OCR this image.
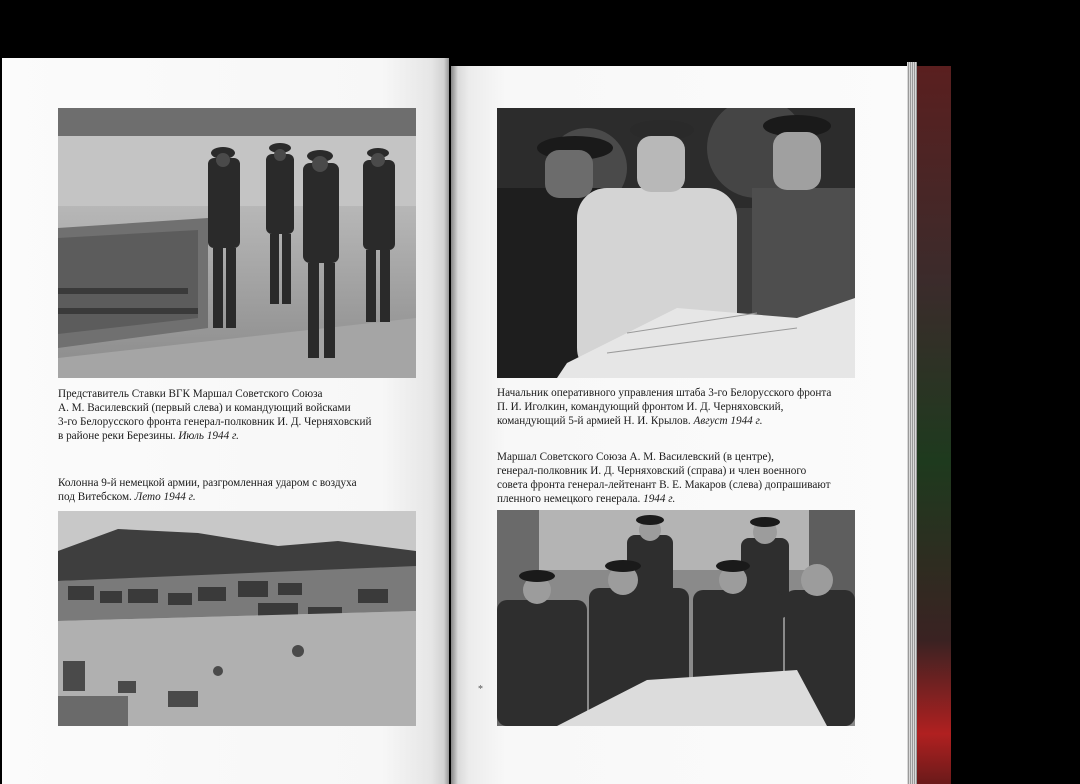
Представитель Ставки ВГК Маршал Советского Союза
А. М. Василевский (первый слева) и командующий войсками
3-го Белорусского фронта генерал-полковник И. Д. Черняховский
в районе реки Березины. Июль 1944 г.
Колонна 9-й немецкой армии, разгромленная ударом с воздуха
под Витебском. Лето 1944 г.
Начальник оперативного управления штаба 3-го Белорусского фронта
П. И. Иголкин, командующий фронтом И. Д. Черняховский,
командующий 5-й армией Н. И. Крылов. Август 1944 г.
Маршал Советского Союза А. М. Василевский (в центре),
генерал-полковник И. Д. Черняховский (справа) и член военного
совета фронта генерал-лейтенант В. Е. Макаров (слева) допрашивают
пленного немецкого генерала. 1944 г.
*
